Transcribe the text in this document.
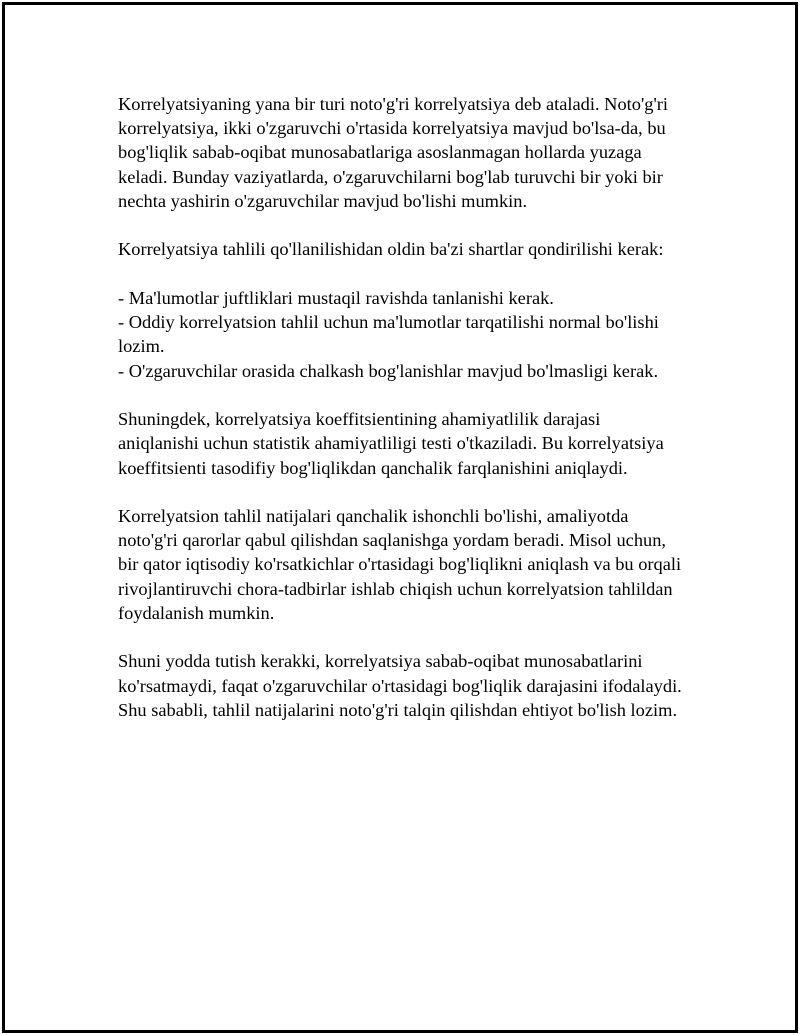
Korrelyatsiyaning yana bir turi noto'g'ri korrelyatsiya deb ataladi. Noto'g'ri
korrelyatsiya, ikki o'zgaruvchi o'rtasida korrelyatsiya mavjud bo'lsa-da, bu
bog'liqlik sabab-oqibat munosabatlariga asoslanmagan hollarda yuzaga
keladi. Bunday vaziyatlarda, o'zgaruvchilarni bog'lab turuvchi bir yoki bir
nechta yashirin o'zgaruvchilar mavjud bo'lishi mumkin.
Korrelyatsiya tahlili qo'llanilishidan oldin ba'zi shartlar qondirilishi kerak:
- Ma'lumotlar juftliklari mustaqil ravishda tanlanishi kerak.
- Oddiy korrelyatsion tahlil uchun ma'lumotlar tarqatilishi normal bo'lishi
lozim.
- O'zgaruvchilar orasida chalkash bog'lanishlar mavjud bo'lmasligi kerak.
Shuningdek, korrelyatsiya koeffitsientining ahamiyatlilik darajasi
aniqlanishi uchun statistik ahamiyatliligi testi o'tkaziladi. Bu korrelyatsiya
koeffitsienti tasodifiy bog'liqlikdan qanchalik farqlanishini aniqlaydi.
Korrelyatsion tahlil natijalari qanchalik ishonchli bo'lishi, amaliyotda
noto'g'ri qarorlar qabul qilishdan saqlanishga yordam beradi. Misol uchun,
bir qator iqtisodiy ko'rsatkichlar o'rtasidagi bog'liqlikni aniqlash va bu orqali
rivojlantiruvchi chora-tadbirlar ishlab chiqish uchun korrelyatsion tahlildan
foydalanish mumkin.
Shuni yodda tutish kerakki, korrelyatsiya sabab-oqibat munosabatlarini
ko'rsatmaydi, faqat o'zgaruvchilar o'rtasidagi bog'liqlik darajasini ifodalaydi.
Shu sababli, tahlil natijalarini noto'g'ri talqin qilishdan ehtiyot bo'lish lozim.
